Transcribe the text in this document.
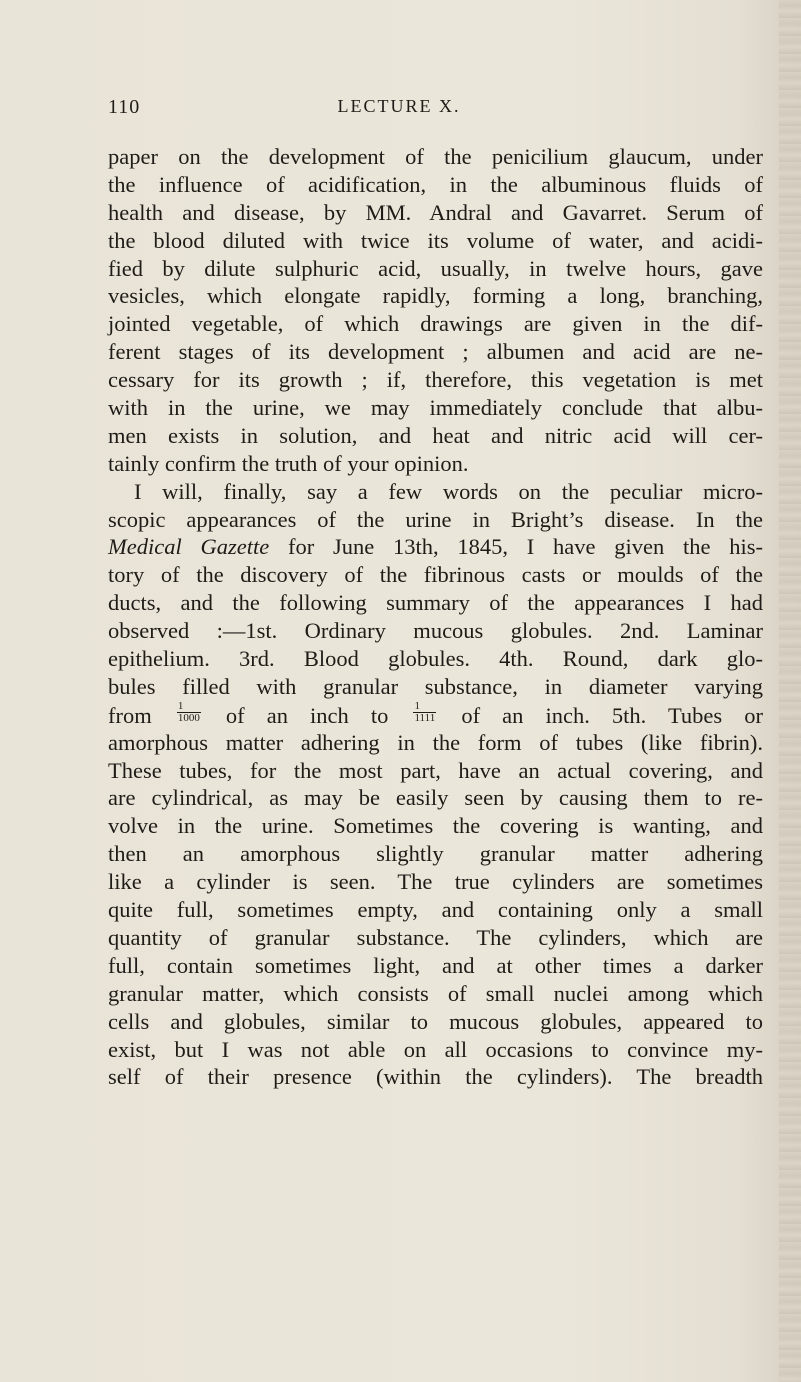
110	LECTURE X.
paper on the development of the penicilium glaucum, under
the influence of acidification, in the albuminous fluids of
health and disease, by MM. Andral and Gavarret. Serum of
the blood diluted with twice its volume of water, and acidi-
fied by dilute sulphuric acid, usually, in twelve hours, gave
vesicles, which elongate rapidly, forming a long, branching,
jointed vegetable, of which drawings are given in the dif-
ferent stages of its development ; albumen and acid are ne-
cessary for its growth ; if, therefore, this vegetation is met
with in the urine, we may immediately conclude that albu-
men exists in solution, and heat and nitric acid will cer-
tainly confirm the truth of your opinion.
I will, finally, say a few words on the peculiar micro-
scopic appearances of the urine in Bright’s disease. In the
Medical Gazette for June 13th, 1845, I have given the his-
tory of the discovery of the fibrinous casts or moulds of the
ducts, and the following summary of the appearances I had
observed :—1st. Ordinary mucous globules. 2nd. Laminar
epithelium. 3rd. Blood globules. 4th. Round, dark glo-
bules filled with granular substance, in diameter varying
from $\frac{1}{1000}$ of an inch to $\frac{1}{1111}$ of an inch. 5th. Tubes or
amorphous matter adhering in the form of tubes (like fibrin).
These tubes, for the most part, have an actual covering, and
are cylindrical, as may be easily seen by causing them to re-
volve in the urine. Sometimes the covering is wanting, and
then an amorphous slightly granular matter adhering
like a cylinder is seen. The true cylinders are sometimes
quite full, sometimes empty, and containing only a small
quantity of granular substance. The cylinders, which are
full, contain sometimes light, and at other times a darker
granular matter, which consists of small nuclei among which
cells and globules, similar to mucous globules, appeared to
exist, but I was not able on all occasions to convince my-
self of their presence (within the cylinders). The breadth
